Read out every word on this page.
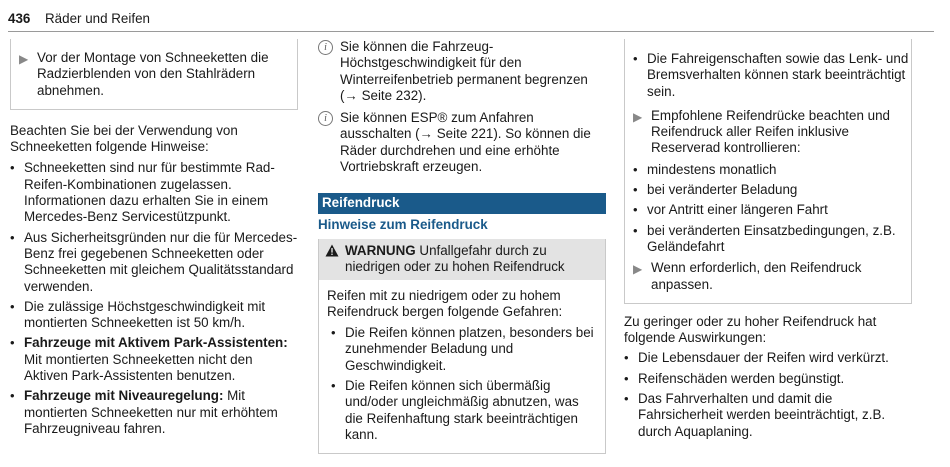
436 Räder und Reifen
▶ Vor der Montage von Schneeketten die Radzierblenden von den Stahlrädern abnehmen.
Beachten Sie bei der Verwendung von Schneeketten folgende Hinweise:
• Schneeketten sind nur für bestimmte Rad-Reifen-Kombinationen zugelassen. Informationen dazu erhalten Sie in einem Mercedes-Benz Servicestützpunkt.
• Aus Sicherheitsgründen nur die für Mercedes-Benz frei gegebenen Schneeketten oder Schneeketten mit gleichem Qualitätsstandard verwenden.
• Die zulässige Höchstgeschwindigkeit mit montierten Schneeketten ist 50 km/h.
• Fahrzeuge mit Aktivem Park-Assistenten: Mit montierten Schneeketten nicht den Aktiven Park-Assistenten benutzen.
• Fahrzeuge mit Niveauregelung: Mit montierten Schneeketten nur mit erhöhtem Fahrzeugniveau fahren.
i Sie können die Fahrzeug-Höchstgeschwindigkeit für den Winterreifenbetrieb permanent begrenzen (→ Seite 232).
i Sie können ESP® zum Anfahren ausschalten (→ Seite 221). So können die Räder durchdrehen und eine erhöhte Vortriebskraft erzeugen.
Reifendruck
Hinweise zum Reifendruck
WARNUNG Unfallgefahr durch zu niedrigen oder zu hohen Reifendruck
Reifen mit zu niedrigem oder zu hohem Reifendruck bergen folgende Gefahren:
• Die Reifen können platzen, besonders bei zunehmender Beladung und Geschwindigkeit.
• Die Reifen können sich übermäßig und/oder ungleichmäßig abnutzen, was die Reifenhaftung stark beeinträchtigen kann.
• Die Fahreigenschaften sowie das Lenk- und Bremsverhalten können stark beeinträchtigt sein.
▶ Empfohlene Reifendrücke beachten und Reifendruck aller Reifen inklusive Reserverad kontrollieren:
• mindestens monatlich
• bei veränderter Beladung
• vor Antritt einer längeren Fahrt
• bei veränderten Einsatzbedingungen, z.B. Geländefahrt
▶ Wenn erforderlich, den Reifendruck anpassen.
Zu geringer oder zu hoher Reifendruck hat folgende Auswirkungen:
• Die Lebensdauer der Reifen wird verkürzt.
• Reifenschäden werden begünstigt.
• Das Fahrverhalten und damit die Fahrsicherheit werden beeinträchtigt, z.B. durch Aquaplaning.
